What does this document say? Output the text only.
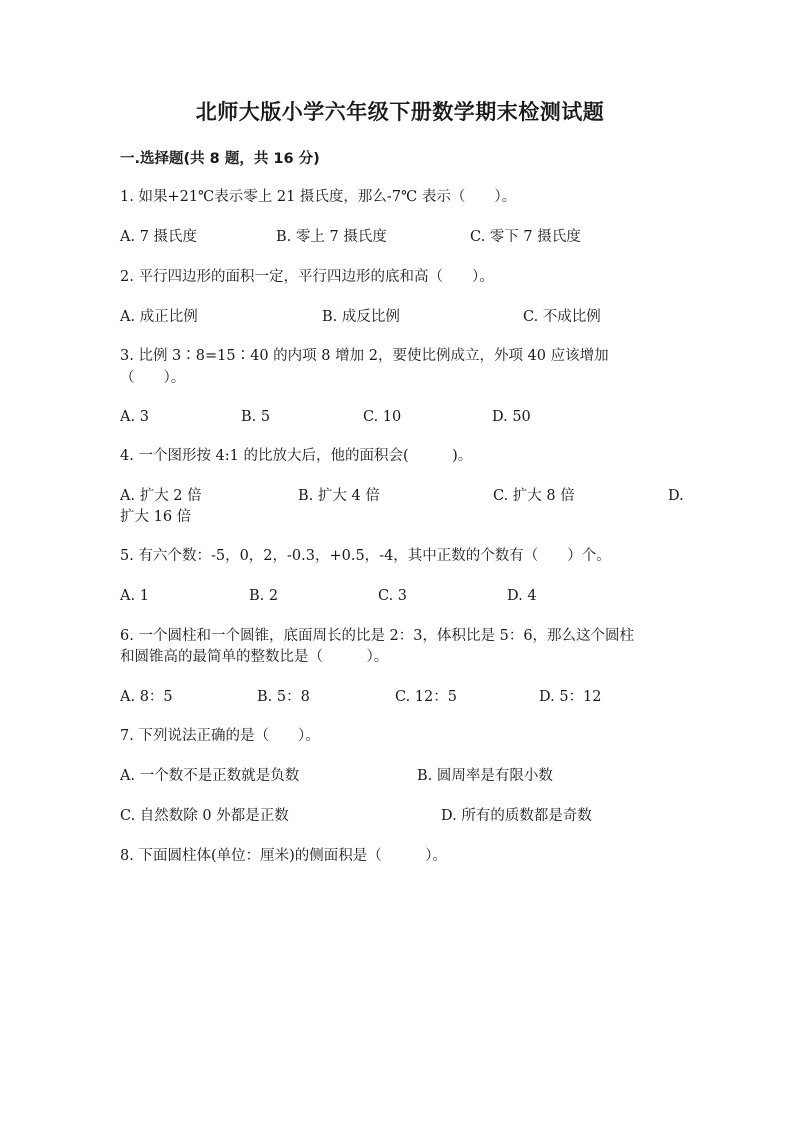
北师大版小学六年级下册数学期末检测试题
一.选择题(共 8 题，共 16 分)
1. 如果+21℃表示零上 21 摄氏度，那么-7℃ 表示（　　）。
A. 7 摄氏度	B. 零上 7 摄氏度	C. 零下 7 摄氏度
2. 平行四边形的面积一定，平行四边形的底和高（　　）。
A. 成正比例	B. 成反比例	C. 不成比例
3. 比例 3∶8=15∶40 的内项 8 增加 2，要使比例成立，外项 40 应该增加
（　　）。
A. 3	B. 5	C. 10	D. 50
4. 一个图形按 4:1 的比放大后，他的面积会(　　　)。
A. 扩大 2 倍	B. 扩大 4 倍	C. 扩大 8 倍	D.
扩大 16 倍
5. 有六个数：-5，0，2，-0.3，+0.5，-4，其中正数的个数有（　　）个。
A. 1	B. 2	C. 3	D. 4
6. 一个圆柱和一个圆锥，底面周长的比是 2：3，体积比是 5：6，那么这个圆柱
和圆锥高的最简单的整数比是（　　　）。
A. 8：5	B. 5：8	C. 12：5	D. 5：12
7. 下列说法正确的是（　　）。
A. 一个数不是正数就是负数	B. 圆周率是有限小数
C. 自然数除 0 外都是正数	D. 所有的质数都是奇数
8. 下面圆柱体(单位：厘米)的侧面积是（　　　）。
